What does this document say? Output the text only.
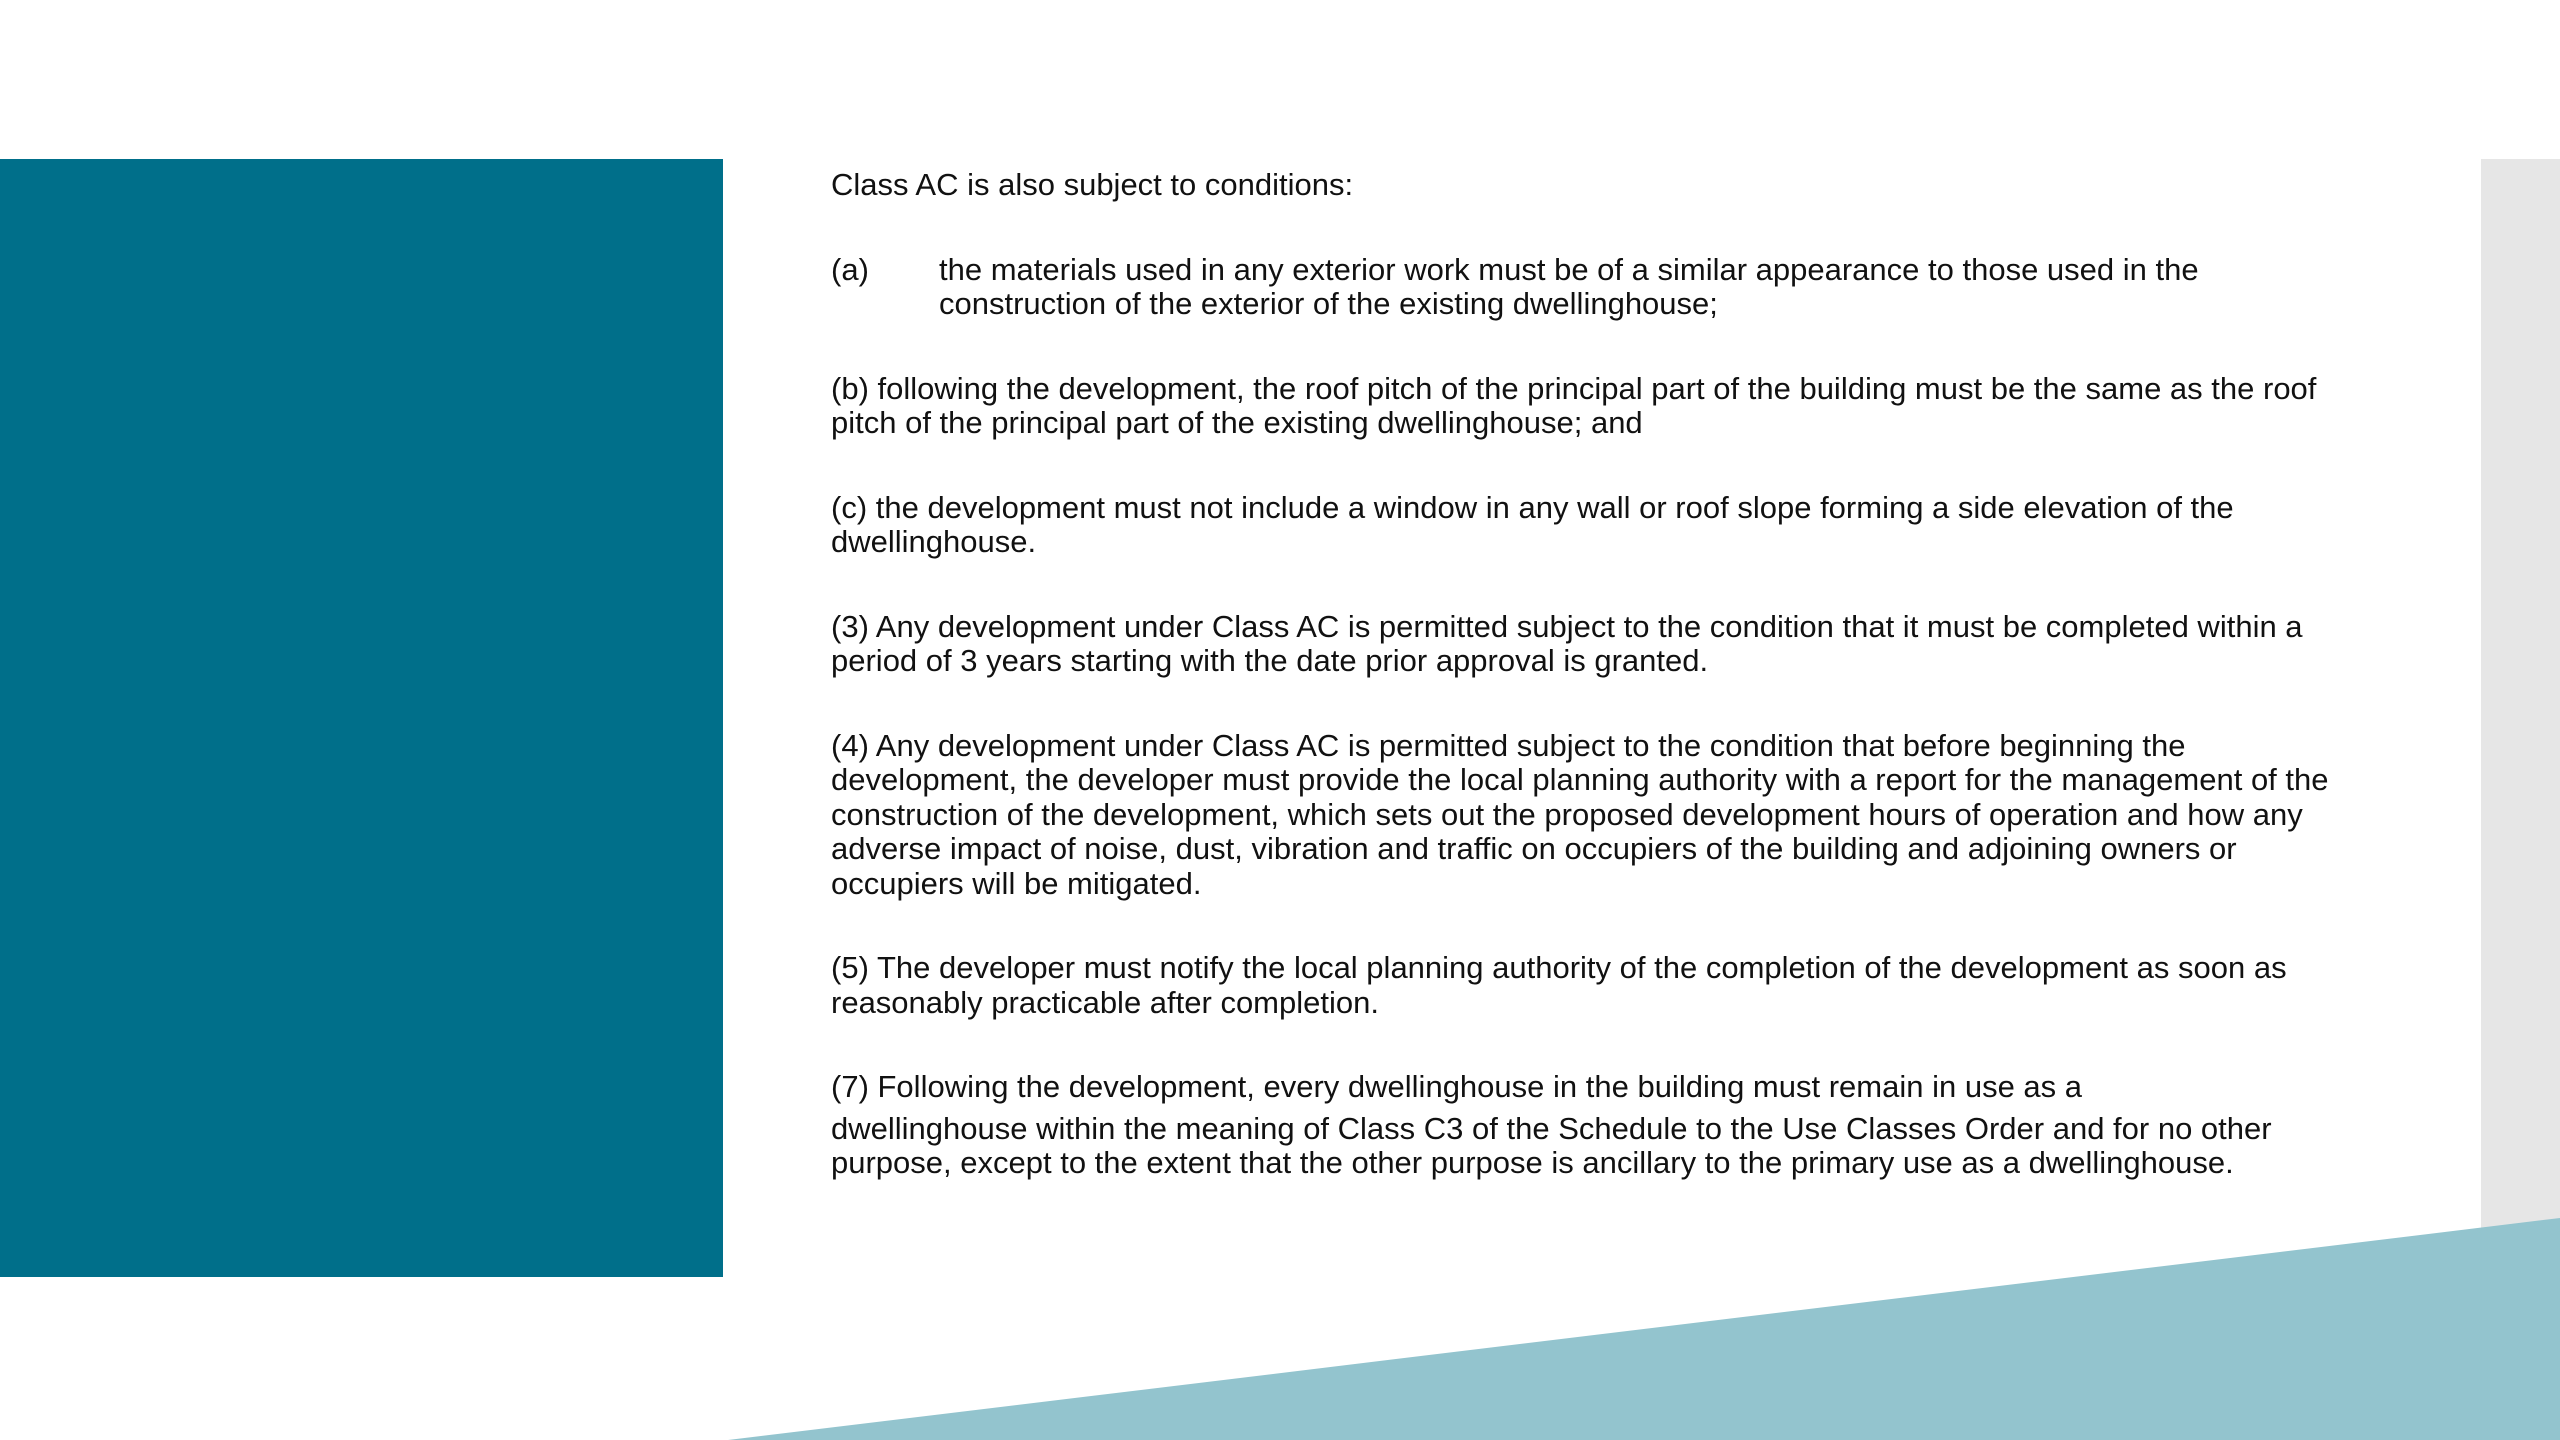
Class AC is also subject to conditions:

(a)	the materials used in any exterior work must be of a similar appearance to those used in the construction of the exterior of the existing dwellinghouse;

(b) following the development, the roof pitch of the principal part of the building must be the same as the roof pitch of the principal part of the existing dwellinghouse; and

(c) the development must not include a window in any wall or roof slope forming a side elevation of the dwellinghouse.

(3) Any development under Class AC is permitted subject to the condition that it must be completed within a period of 3 years starting with the date prior approval is granted.

(4) Any development under Class AC is permitted subject to the condition that before beginning the development, the developer must provide the local planning authority with a report for the management of the construction of the development, which sets out the proposed development hours of operation and how any adverse impact of noise, dust, vibration and traffic on occupiers of the building and adjoining owners or occupiers will be mitigated.

(5) The developer must notify the local planning authority of the completion of the development as soon as reasonably practicable after completion.

(7) Following the development, every dwellinghouse in the building must remain in use as a
dwellinghouse within the meaning of Class C3 of the Schedule to the Use Classes Order and for no other purpose, except to the extent that the other purpose is ancillary to the primary use as a dwellinghouse.
